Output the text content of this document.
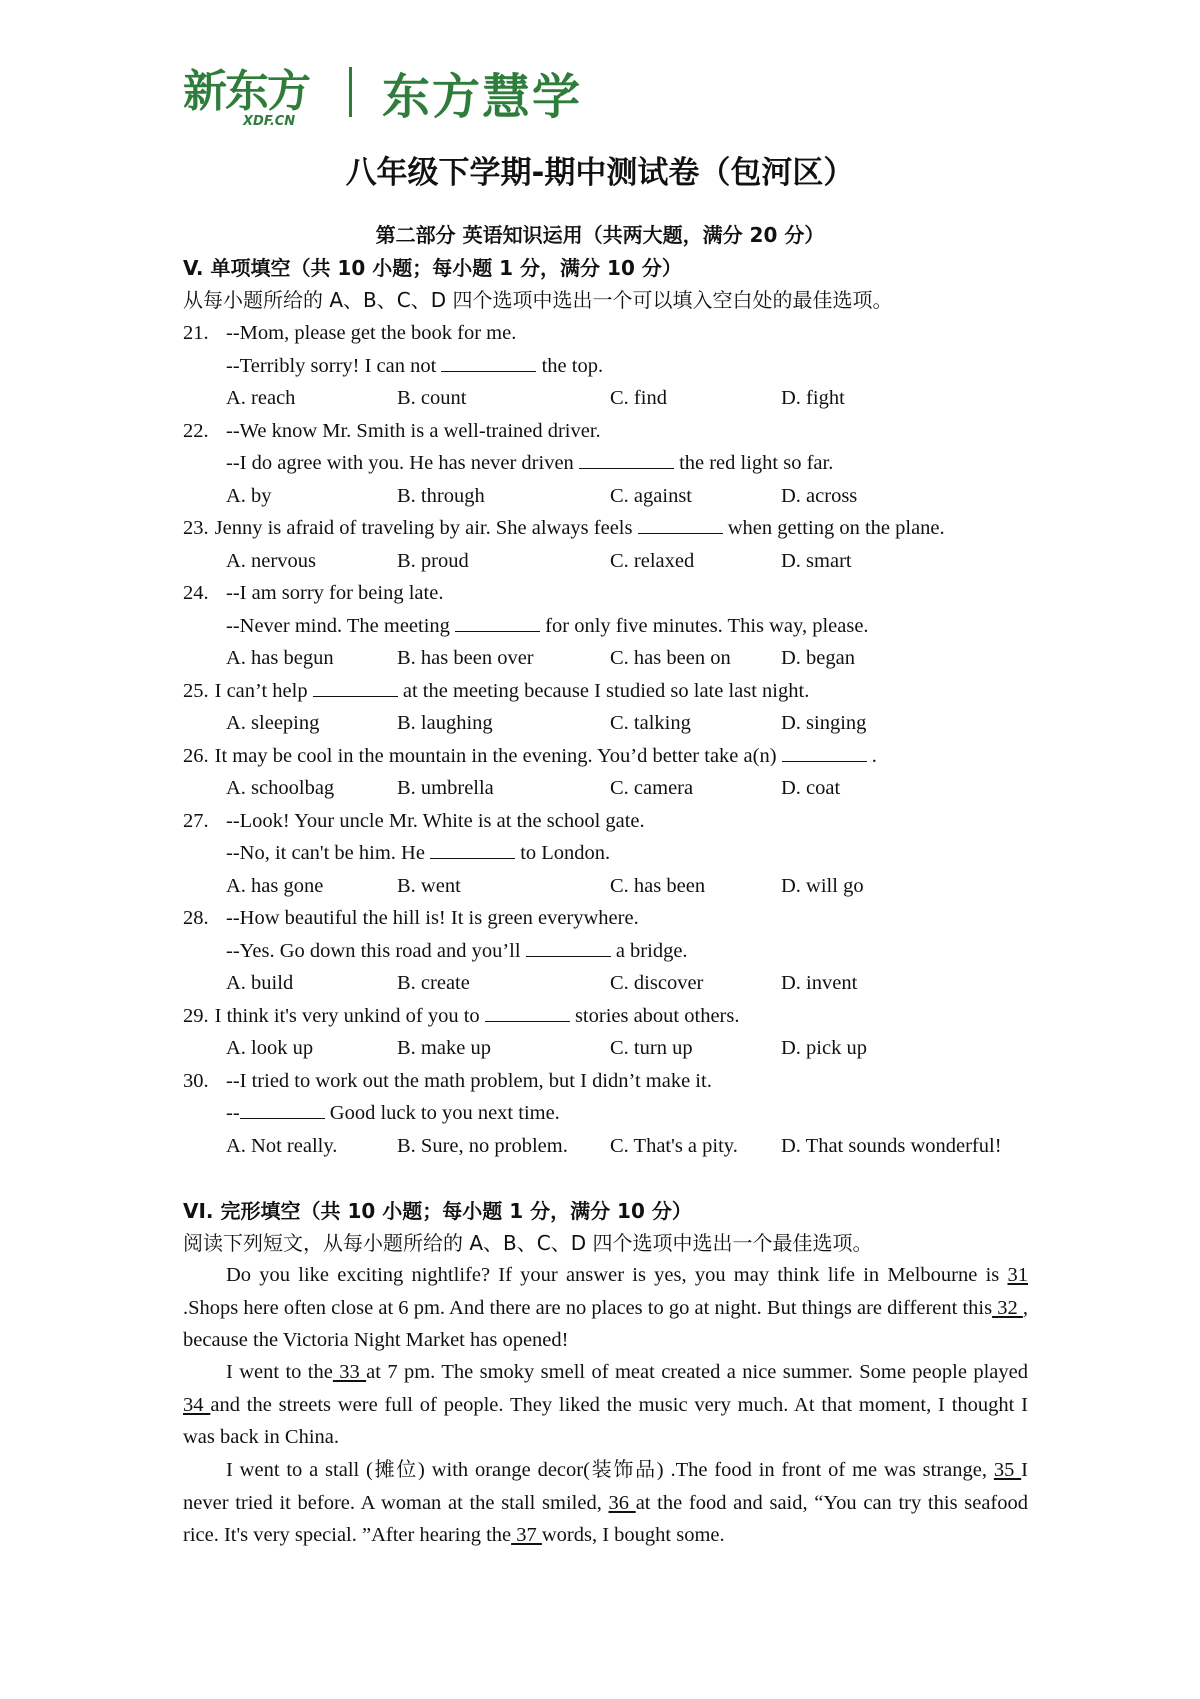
新东方
XDF.CN 东方慧学
八年级下学期-期中测试卷（包河区）
第二部分 英语知识运用（共两大题，满分 20 分）
V. 单项填空（共 10 小题；每小题 1 分，满分 10 分）
从每小题所给的 A、B、C、D 四个选项中选出一个可以填入空白处的最佳选项。
21. --Mom, please get the book for me.
--Terribly sorry! I can not	the top.
A. reach	B. count	C. find	D. fight
22. --We know Mr. Smith is a well-trained driver.
--I do agree with you. He has never driven	the red light so far.
A. by	B. through	C. against	D. across
23. Jenny is afraid of traveling by air. She always feels	when getting on the plane.
A. nervous	B. proud	C. relaxed	D. smart
24. --I am sorry for being late.
--Never mind. The meeting	for only five minutes. This way, please.
A. has begun	B. has been over	C. has been on D. began
25. I can’t help	at the meeting because I studied so late last night.
A. sleeping	B. laughing	C. talking	D. singing
26. It may be cool in the mountain in the evening. You’d better take a(n)	.
A. schoolbag	B. umbrella	C. camera	D. coat
27. --Look! Your uncle Mr. White is at the school gate.
--No, it can't be him. He	to London.
A. has gone	B. went	C. has been	D. will go
28. --How beautiful the hill is! It is green everywhere.
--Yes. Go down this road and you’ll	a bridge.
A. build	B. create	C. discover	D. invent
29. I think it's very unkind of you to	stories about others.
A. look up	B. make up	C. turn up	D. pick up
30. --I tried to work out the math problem, but I didn’t make it.
--	Good luck to you next time.
A. Not really.	B. Sure, no problem. C. That's a pity. D. That sounds wonderful!
VI. 完形填空（共 10 小题；每小题 1 分，满分 10 分）
阅读下列短文，从每小题所给的 A、B、C、D 四个选项中选出一个最佳选项。
Do you like exciting nightlife? If your answer is yes, you may think life in Melbourne is 31 .Shops here often close at 6 pm. And there are no places to go at night. But things are different this 32 , because the Victoria Night Market has opened!
I went to the 33 at 7 pm. The smoky smell of meat created a nice summer. Some people played 34 and the streets were full of people. They liked the music very much. At that moment, I thought I was back in China.
I went to a stall (摊位) with orange decor(装饰品) .The food in front of me was strange, 35 I never tried it before. A woman at the stall smiled, 36 at the food and said, “You can try this seafood rice. It's very special. ”After hearing the 37 words, I bought some.
